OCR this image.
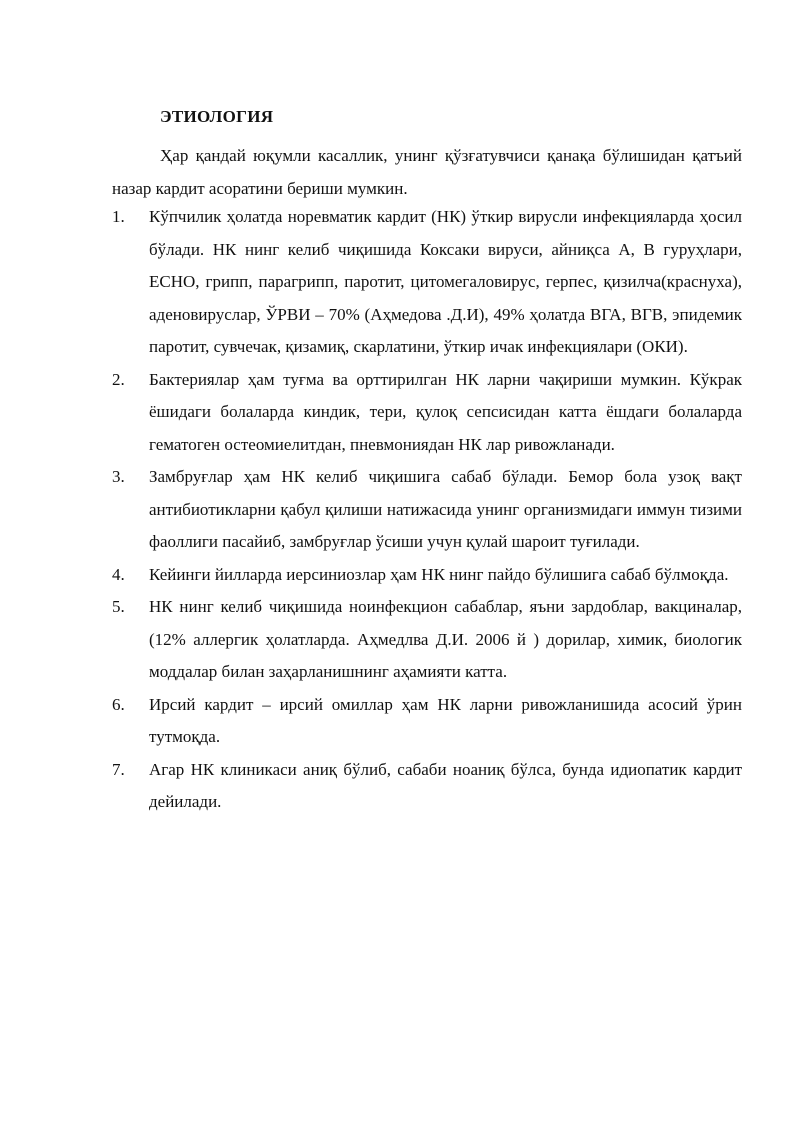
ЭТИОЛОГИЯ
Ҳар қандай юқумли касаллик, унинг қўзғатувчиси қанақа бўлишидан қатъий назар кардит асоратини бериши мумкин.
1. Кўпчилик ҳолатда норевматик кардит (НК) ўткир вирусли инфекцияларда ҳосил бўлади. НК нинг келиб чиқишида Коксаки вируси, айниқса А, В гуруҳлари, ЕСНО, грипп, парагрипп, паротит, цитомегаловирус, герпес, қизилча(краснуха), аденовируслар, ЎРВИ – 70% (Аҳмедова .Д.И), 49% ҳолатда ВГА, ВГВ, эпидемик паротит, сувчечак, қизамиқ, скарлатини, ўткир ичак инфекциялари (ОКИ).
2. Бактериялар ҳам туғма ва орттирилган НК ларни чақириши мумкин. Кўкрак ёшидаги болаларда киндик, тери, қулоқ сепсисидан катта ёшдаги болаларда гематоген остеомиелитдан, пневмониядан НК лар ривожланади.
3. Замбруғлар ҳам НК келиб чиқишига сабаб бўлади. Бемор бола узоқ вақт антибиотикларни қабул қилиши натижасида унинг организмидаги иммун тизими фаоллиги пасайиб, замбруғлар ўсиши учун қулай шароит туғилади.
4. Кейинги йилларда иерсиниозлар ҳам НК нинг пайдо бўлишига сабаб бўлмоқда.
5. НК нинг келиб чиқишида ноинфекцион сабаблар, яъни зардоблар, вакциналар, (12% аллергик ҳолатларда. Аҳмедлва Д.И. 2006 й ) дорилар, химик, биологик моддалар билан заҳарланишнинг аҳамияти катта.
6. Ирсий кардит – ирсий омиллар ҳам НК ларни ривожланишида асосий ўрин тутмоқда.
7. Агар НК клиникаси аниқ бўлиб, сабаби ноаниқ бўлса, бунда идиопатик кардит дейилади.
